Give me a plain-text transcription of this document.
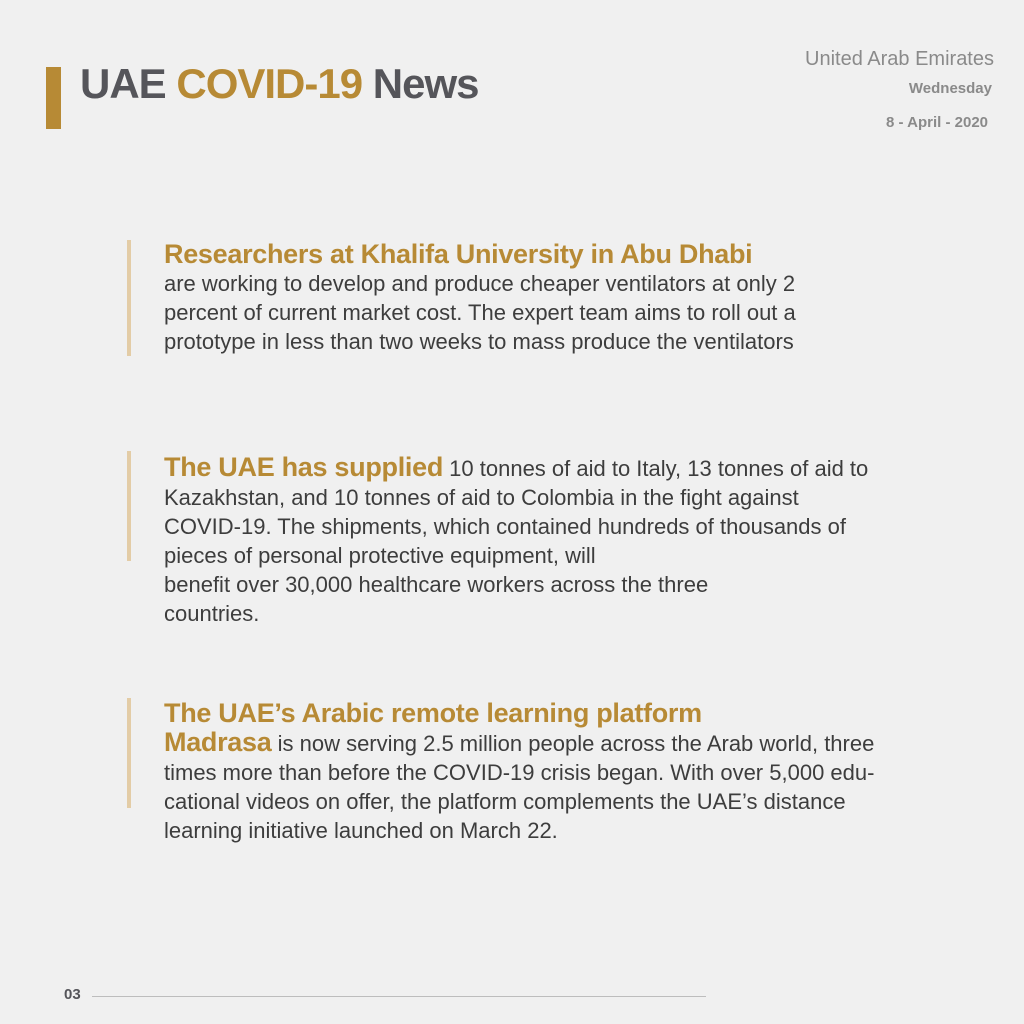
UAE COVID-19 News
United Arab Emirates
Wednesday
8 - April - 2020
Researchers at Khalifa University in Abu Dhabi
are working to develop and produce cheaper ventilators at only 2
percent of current market cost. The expert team aims to roll out a
prototype in less than two weeks to mass produce the ventilators
The UAE has supplied 10 tonnes of aid to Italy, 13 tonnes of aid to
Kazakhstan, and 10 tonnes of aid to Colombia in the fight against
COVID-19. The shipments, which contained hundreds of thousands of
pieces of personal protective equipment, will
benefit over 30,000 healthcare workers across the three
countries.
The UAE’s Arabic remote learning platform
Madrasa is now serving 2.5 million people across the Arab world, three
times more than before the COVID-19 crisis began. With over 5,000 edu-
cational videos on offer, the platform complements the UAE’s distance
learning initiative launched on March 22.
03
